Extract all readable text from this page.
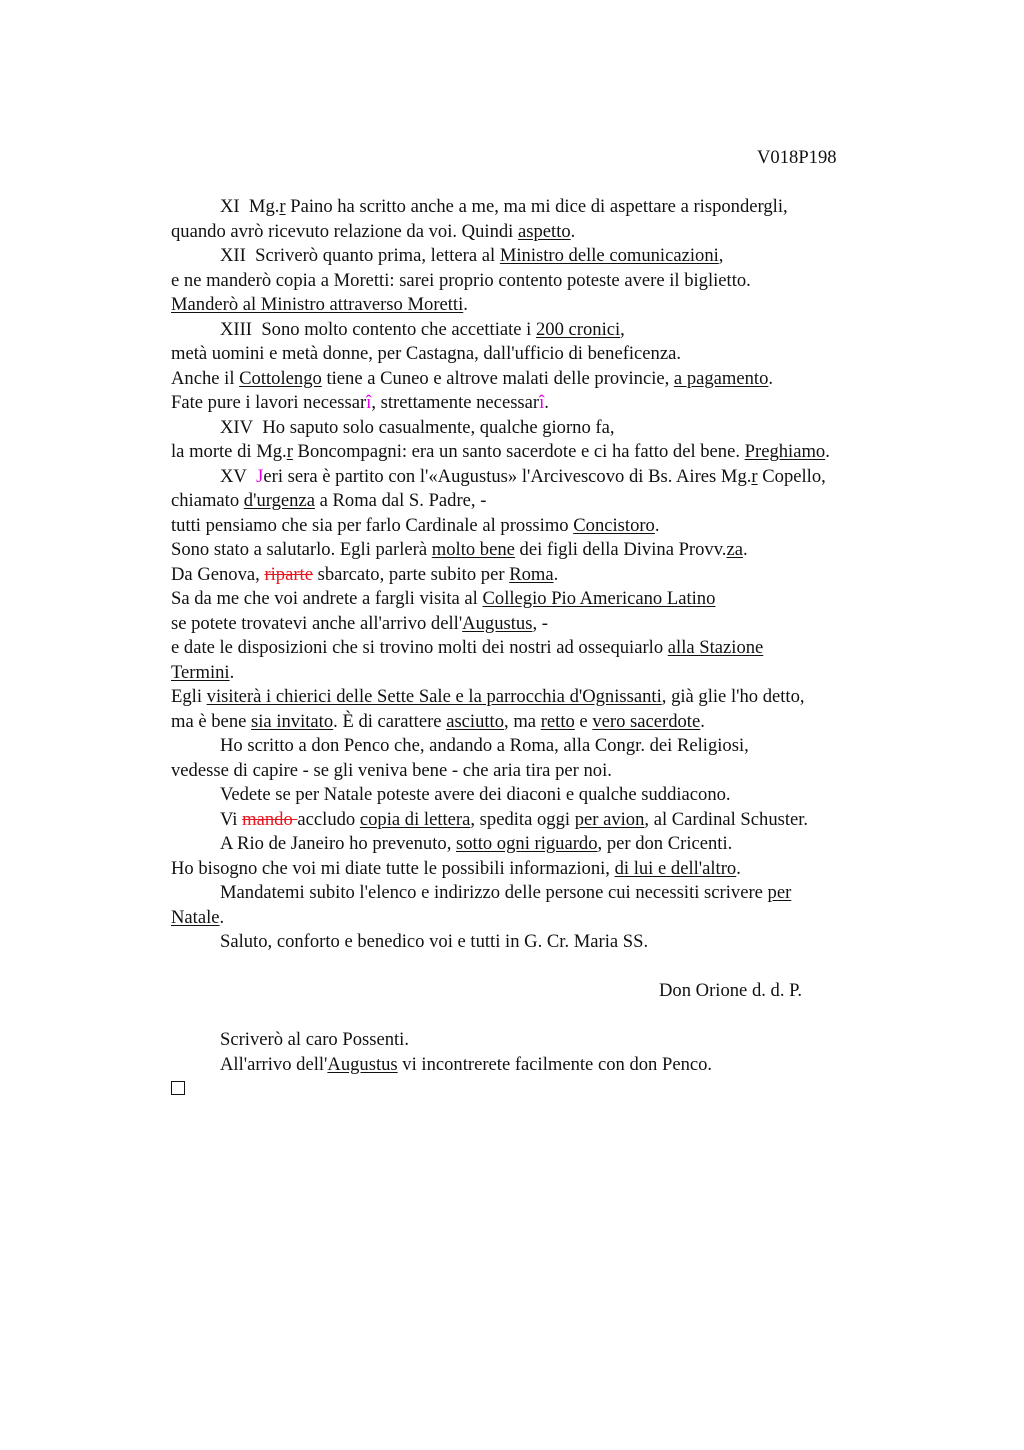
V018P198
XI Mg.r Paino ha scritto anche a me, ma mi dice di aspettare a rispondergli,
quando avrò ricevuto relazione da voi. Quindi aspetto.
XII Scriverò quanto prima, lettera al Ministro delle comunicazioni,
e ne manderò copia a Moretti: sarei proprio contento poteste avere il biglietto.
Manderò al Ministro attraverso Moretti.
XIII Sono molto contento che accettiate i 200 cronici,
metà uomini e metà donne, per Castagna, dall'ufficio di beneficenza.
Anche il Cottolengo tiene a Cuneo e altrove malati delle provincie, a pagamento.
Fate pure i lavori necessarî, strettamente necessarî.
XIV Ho saputo solo casualmente, qualche giorno fa,
la morte di Mg.r Boncompagni: era un santo sacerdote e ci ha fatto del bene. Preghiamo.
XV Jeri sera è partito con l'«Augustus» l'Arcivescovo di Bs. Aires Mg.r Copello,
chiamato d'urgenza a Roma dal S. Padre, -
tutti pensiamo che sia per farlo Cardinale al prossimo Concistoro.
Sono stato a salutarlo. Egli parlerà molto bene dei figli della Divina Provv.za.
Da Genova, riparte sbarcato, parte subito per Roma.
Sa da me che voi andrete a fargli visita al Collegio Pio Americano Latino
se potete trovatevi anche all'arrivo dell'Augustus, -
e date le disposizioni che si trovino molti dei nostri ad ossequiarlo alla Stazione
Termini.
Egli visiterà i chierici delle Sette Sale e la parrocchia d'Ognissanti, già glie l'ho detto,
ma è bene sia invitato. È di carattere asciutto, ma retto e vero sacerdote.
Ho scritto a don Penco che, andando a Roma, alla Congr. dei Religiosi,
vedesse di capire - se gli veniva bene - che aria tira per noi.
Vedete se per Natale poteste avere dei diaconi e qualche suddiacono.
Vi mando accludo copia di lettera, spedita oggi per avion, al Cardinal Schuster.
A Rio de Janeiro ho prevenuto, sotto ogni riguardo, per don Cricenti.
Ho bisogno che voi mi diate tutte le possibili informazioni, di lui e dell'altro.
Mandatemi subito l'elenco e indirizzo delle persone cui necessiti scrivere per
Natale.
Saluto, conforto e benedico voi e tutti in G. Cr. Maria SS.
Don Orione d. d. P.
Scriverò al caro Possenti.
All'arrivo dell'Augustus vi incontrerete facilmente con don Penco.
